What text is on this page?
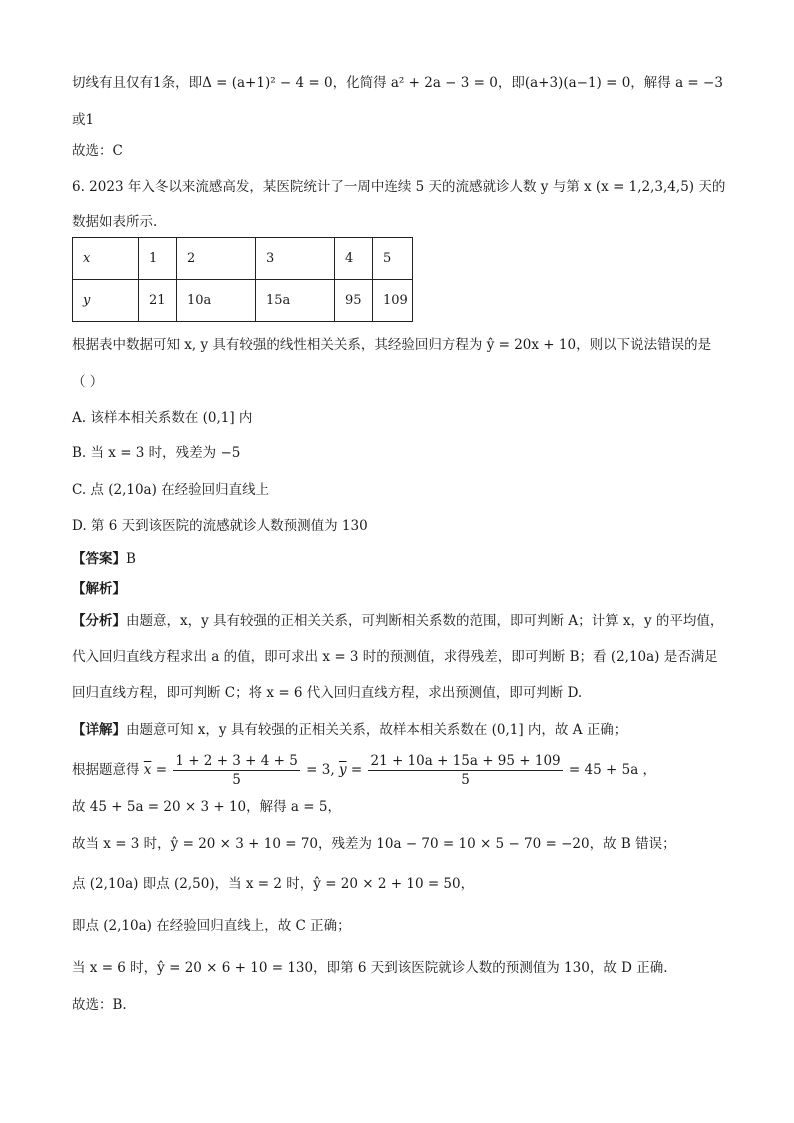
切线有且仅有1条，即Δ = (a+1)² − 4 = 0，化简得 a² + 2a − 3 = 0，即(a+3)(a−1) = 0，解得 a = −3
或1
故选：C
6. 2023 年入冬以来流感高发，某医院统计了一周中连续 5 天的流感就诊人数 y 与第 x (x = 1,2,3,4,5) 天的
数据如表所示.
x	1	2	3	4	5
y	21	10a	15a	95	109
根据表中数据可知 x, y 具有较强的线性相关关系，其经验回归方程为 ŷ = 20x + 10，则以下说法错误的是
（ ）
A. 该样本相关系数在 (0,1] 内
B. 当 x = 3 时，残差为 −5
C. 点 (2,10a) 在经验回归直线上
D. 第 6 天到该医院的流感就诊人数预测值为 130
【答案】B
【解析】
【分析】由题意，x，y 具有较强的正相关关系，可判断相关系数的范围，即可判断 A；计算 x，y 的平均值，
代入回归直线方程求出 a 的值，即可求出 x = 3 时的预测值，求得残差，即可判断 B；看 (2,10a) 是否满足
回归直线方程，即可判断 C；将 x = 6 代入回归直线方程，求出预测值，即可判断 D.
【详解】由题意可知 x，y 具有较强的正相关关系，故样本相关系数在 (0,1] 内，故 A 正确；
根据题意得 $\overline{x} = \frac{1 + 2 + 3 + 4 + 5}{5} = 3$, $\overline{y} = \frac{21 + 10a + 15a + 95 + 109}{5} = 45 + 5a$ ，
故 45 + 5a = 20 × 3 + 10，解得 a = 5，
故当 x = 3 时，ŷ = 20 × 3 + 10 = 70，残差为 10a − 70 = 10 × 5 − 70 = −20，故 B 错误；
点 (2,10a) 即点 (2,50)，当 x = 2 时，ŷ = 20 × 2 + 10 = 50，
即点 (2,10a) 在经验回归直线上，故 C 正确；
当 x = 6 时，ŷ = 20 × 6 + 10 = 130，即第 6 天到该医院就诊人数的预测值为 130，故 D 正确.
故选：B.
